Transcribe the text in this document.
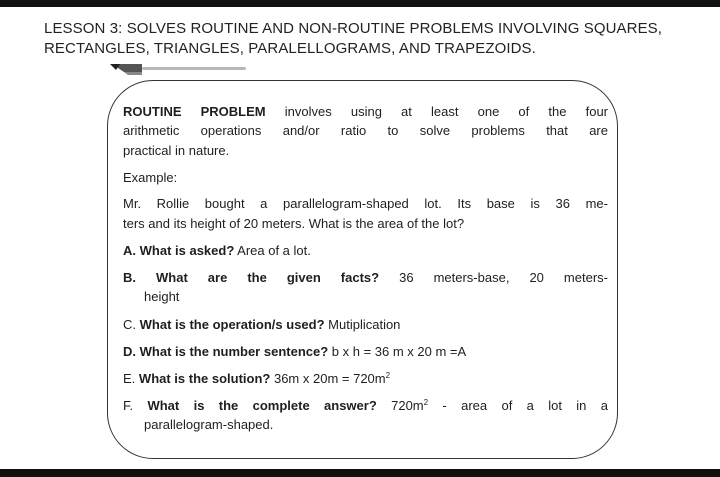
LESSON 3: SOLVES ROUTINE AND NON-ROUTINE PROBLEMS INVOLVING SQUARES,
RECTANGLES, TRIANGLES, PARALELLOGRAMS, AND TRAPEZOIDS.
ROUTINE PROBLEM involves using at least one of the four
arithmetic operations and/or ratio to solve problems that are
practical in nature.
Example:
Mr. Rollie bought a parallelogram-shaped lot. Its base is 36 me-
ters and its height of 20 meters. What is the area of the lot?
A. What is asked? Area of a lot.
B. What are the given facts? 36 meters-base, 20 meters-
height
C. What is the operation/s used? Mutiplication
D. What is the number sentence? b x h = 36 m x 20 m =A
E. What is the solution? 36m x $20m = 720m^2$
F. What is the complete answer? $720m^2$ - area of a lot in a
parallelogram-shaped.
